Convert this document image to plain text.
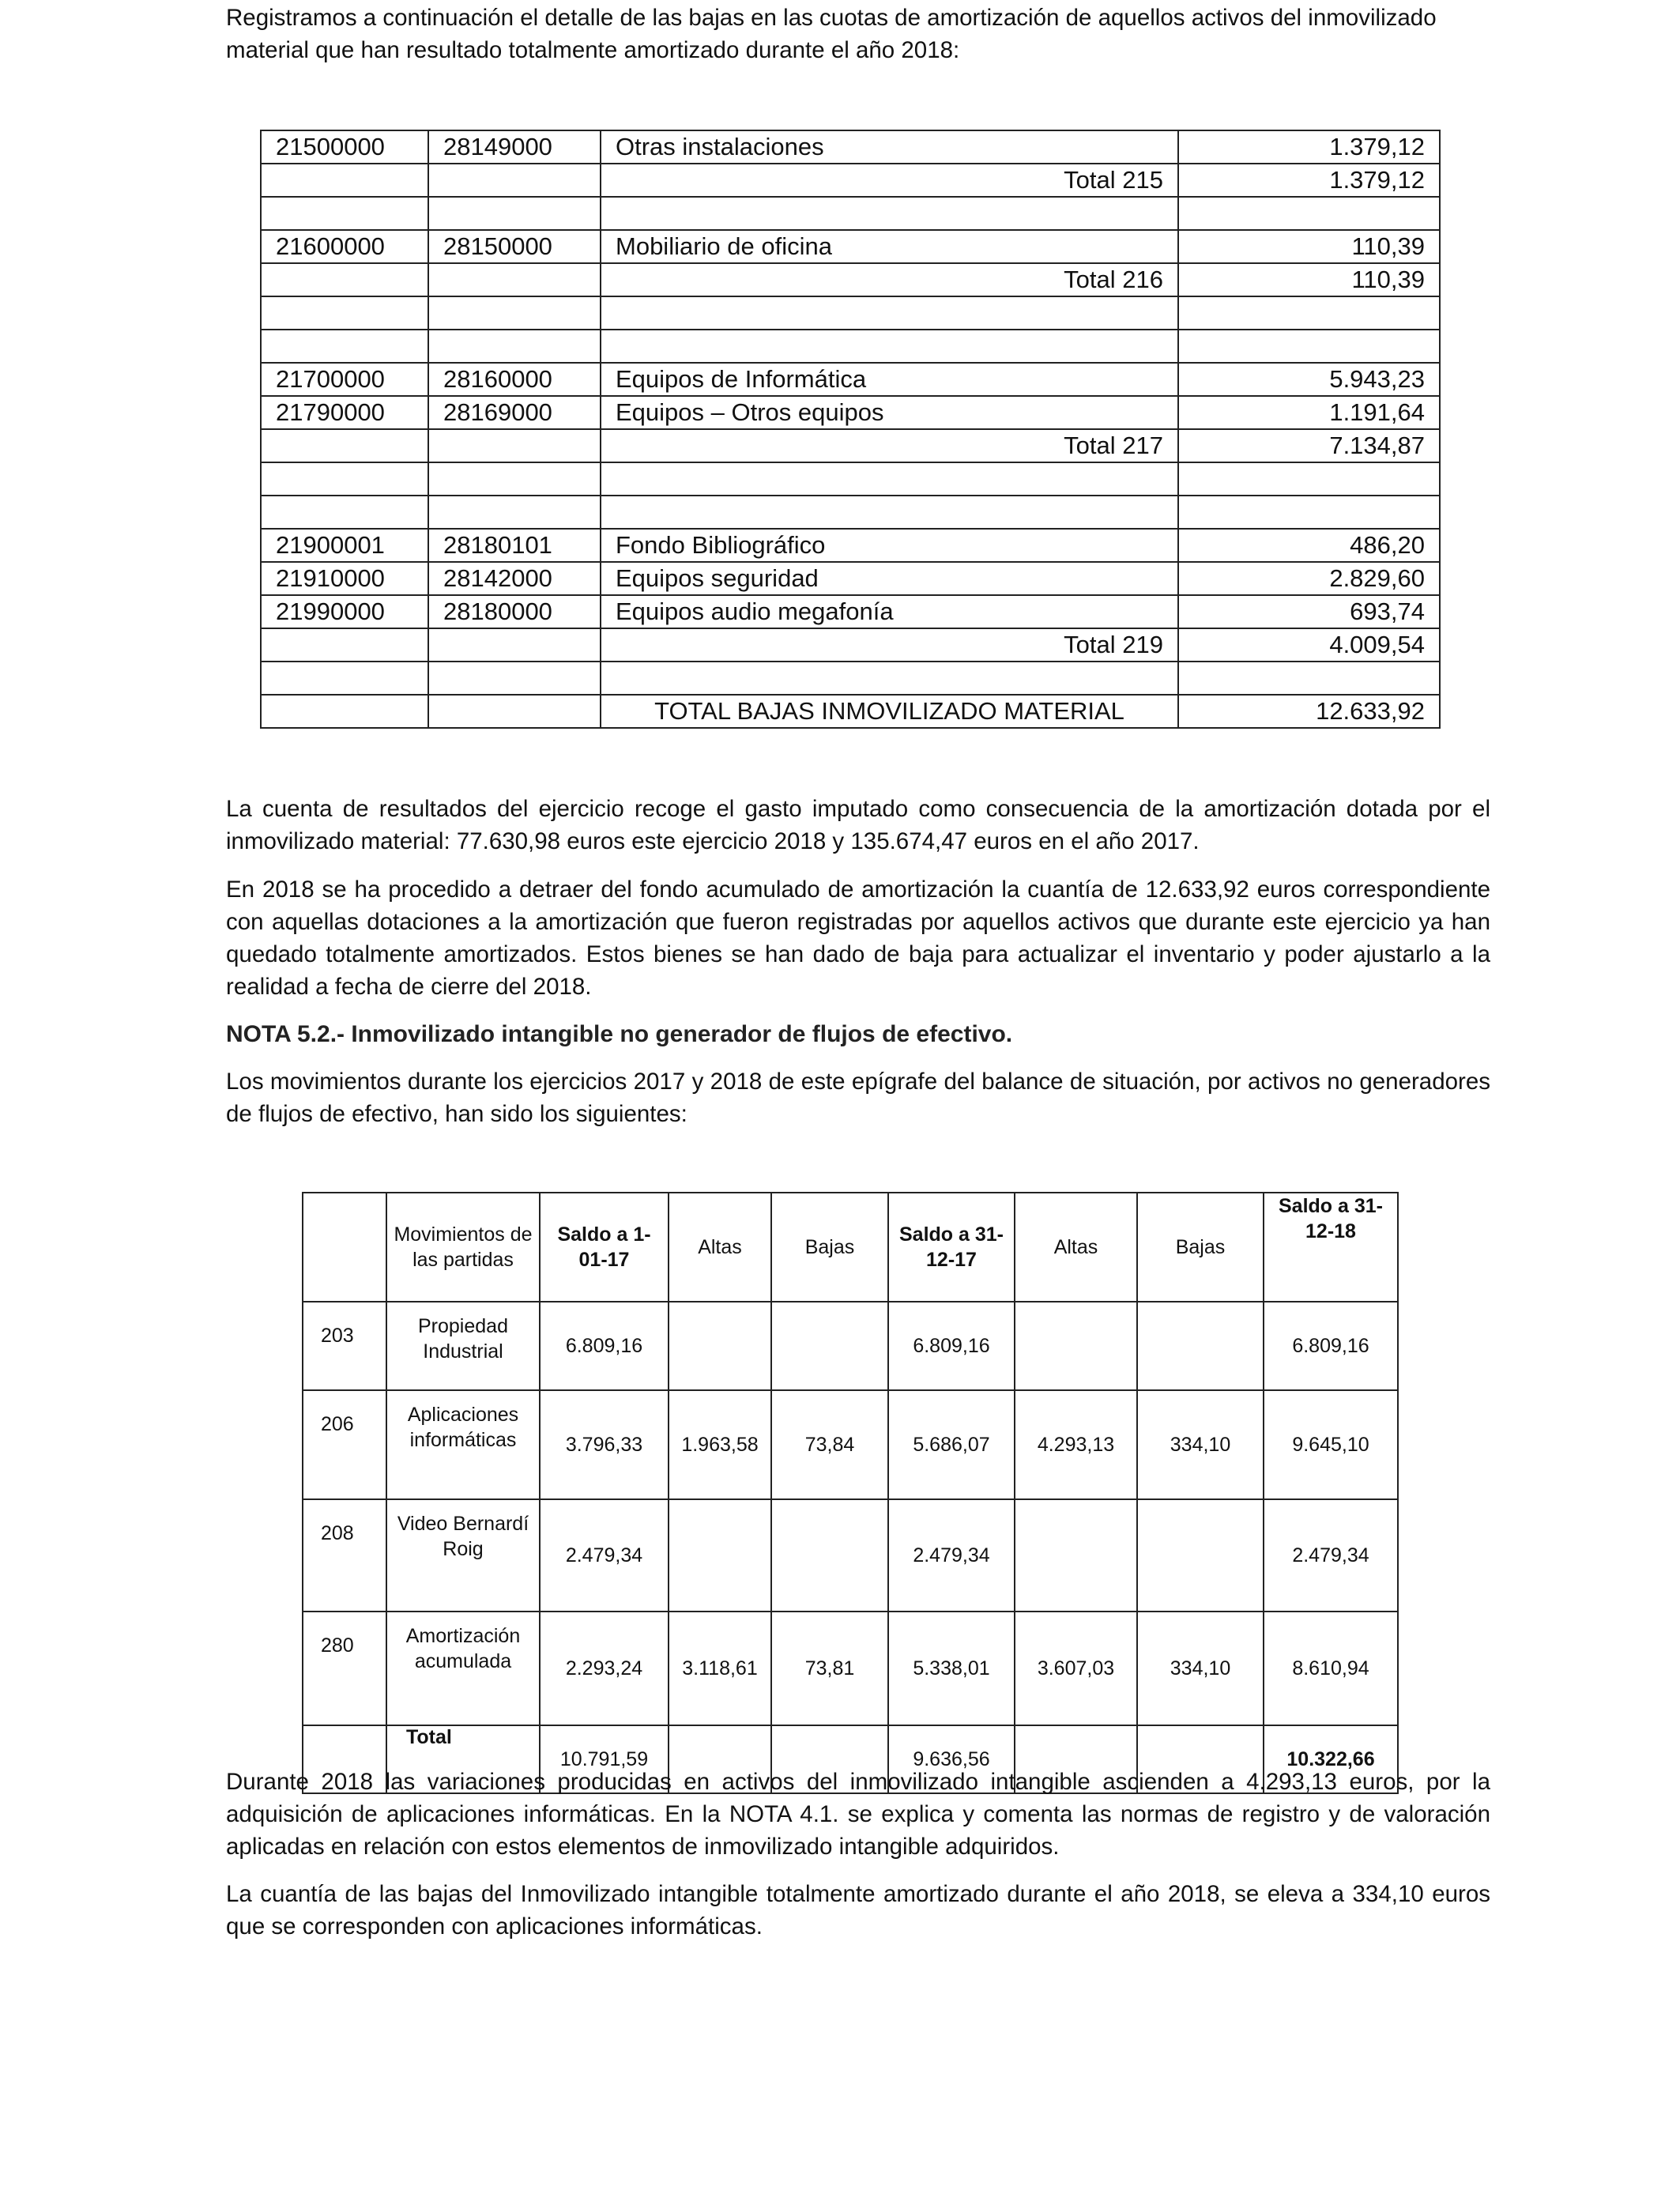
Registramos a continuación el detalle de las bajas en las cuotas de amortización de aquellos activos del inmovilizado material que han resultado totalmente amortizado durante el año 2018:

21500000	28149000	Otras instalaciones	1.379,12
		Total 215	1.379,12

21600000	28150000	Mobiliario de oficina	110,39
		Total 216	110,39

21700000	28160000	Equipos de Informática	5.943,23
21790000	28169000	Equipos – Otros equipos	1.191,64
		Total 217	7.134,87

21900001	28180101	Fondo Bibliográfico	486,20
21910000	28142000	Equipos seguridad	2.829,60
21990000	28180000	Equipos audio megafonía	693,74
		Total 219	4.009,54

		TOTAL BAJAS INMOVILIZADO MATERIAL	12.633,92

La cuenta de resultados del ejercicio recoge el gasto imputado como consecuencia de la amortización dotada por el inmovilizado material: 77.630,98 euros este ejercicio 2018 y 135.674,47 euros en el año 2017.

En 2018 se ha procedido a detraer del fondo acumulado de amortización la cuantía de 12.633,92 euros correspondiente con aquellas dotaciones a la amortización que fueron registradas por aquellos activos que durante este ejercicio ya han quedado totalmente amortizados. Estos bienes se han dado de baja para actualizar el inventario y poder ajustarlo a la realidad a fecha de cierre del 2018.

NOTA 5.2.- Inmovilizado intangible no generador de flujos de efectivo.

Los movimientos durante los ejercicios 2017 y 2018 de este epígrafe del balance de situación, por activos no generadores de flujos de efectivo, han sido los siguientes:

	Movimientos de las partidas	Saldo a 1-01-17	Altas	Bajas	Saldo a 31-12-17	Altas	Bajas	Saldo a 31-12-18
203	Propiedad Industrial	6.809,16			6.809,16			6.809,16
206	Aplicaciones informáticas	3.796,33	1.963,58	73,84	5.686,07	4.293,13	334,10	9.645,10
208	Video Bernardí Roig	2.479,34			2.479,34			2.479,34
280	Amortización acumulada	2.293,24	3.118,61	73,81	5.338,01	3.607,03	334,10	8.610,94
	Total	10.791,59			9.636,56			10.322,66

Durante 2018 las variaciones producidas en activos del inmovilizado intangible ascienden a 4.293,13 euros, por la adquisición de aplicaciones informáticas. En la NOTA 4.1. se explica y comenta las normas de registro y de valoración aplicadas en relación con estos elementos de inmovilizado intangible adquiridos.

La cuantía de las bajas del Inmovilizado intangible totalmente amortizado durante el año 2018, se eleva a 334,10 euros que se corresponden con aplicaciones informáticas.
